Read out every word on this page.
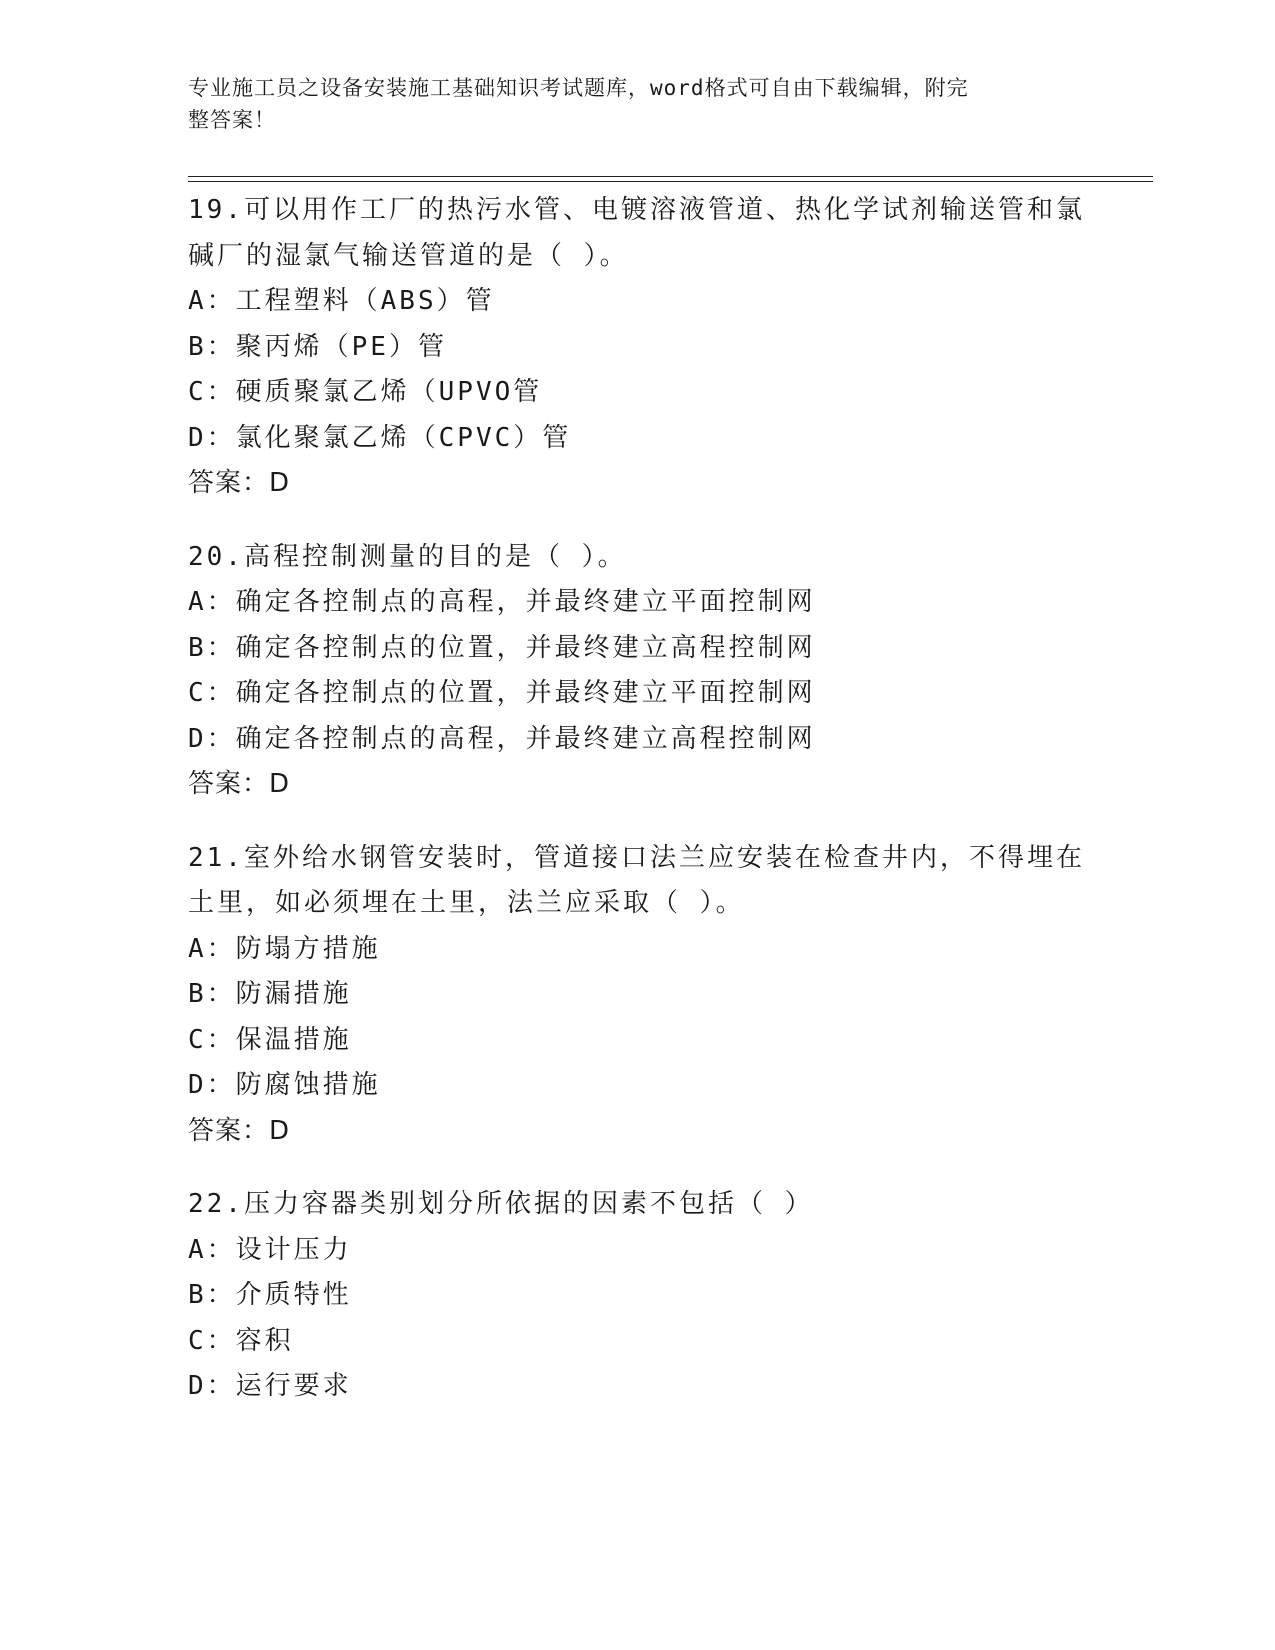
专业施工员之设备安装施工基础知识考试题库，word格式可自由下载编辑，附完
整答案！
19.可以用作工厂的热污水管、电镀溶液管道、热化学试剂输送管和氯
碱厂的湿氯气输送管道的是（ ）。
A：工程塑料（ABS）管
B：聚丙烯（PE）管
C：硬质聚氯乙烯（UPVO管
D：氯化聚氯乙烯（CPVC）管
答案：D
20.高程控制测量的目的是（ ）。
A：确定各控制点的高程，并最终建立平面控制网
B：确定各控制点的位置，并最终建立高程控制网
C：确定各控制点的位置，并最终建立平面控制网
D：确定各控制点的高程，并最终建立高程控制网
答案：D
21.室外给水钢管安装时，管道接口法兰应安装在检查井内，不得埋在
土里，如必须埋在土里，法兰应采取（ ）。
A：防塌方措施
B：防漏措施
C：保温措施
D：防腐蚀措施
答案：D
22.压力容器类别划分所依据的因素不包括（ ）
A：设计压力
B：介质特性
C：容积
D：运行要求
